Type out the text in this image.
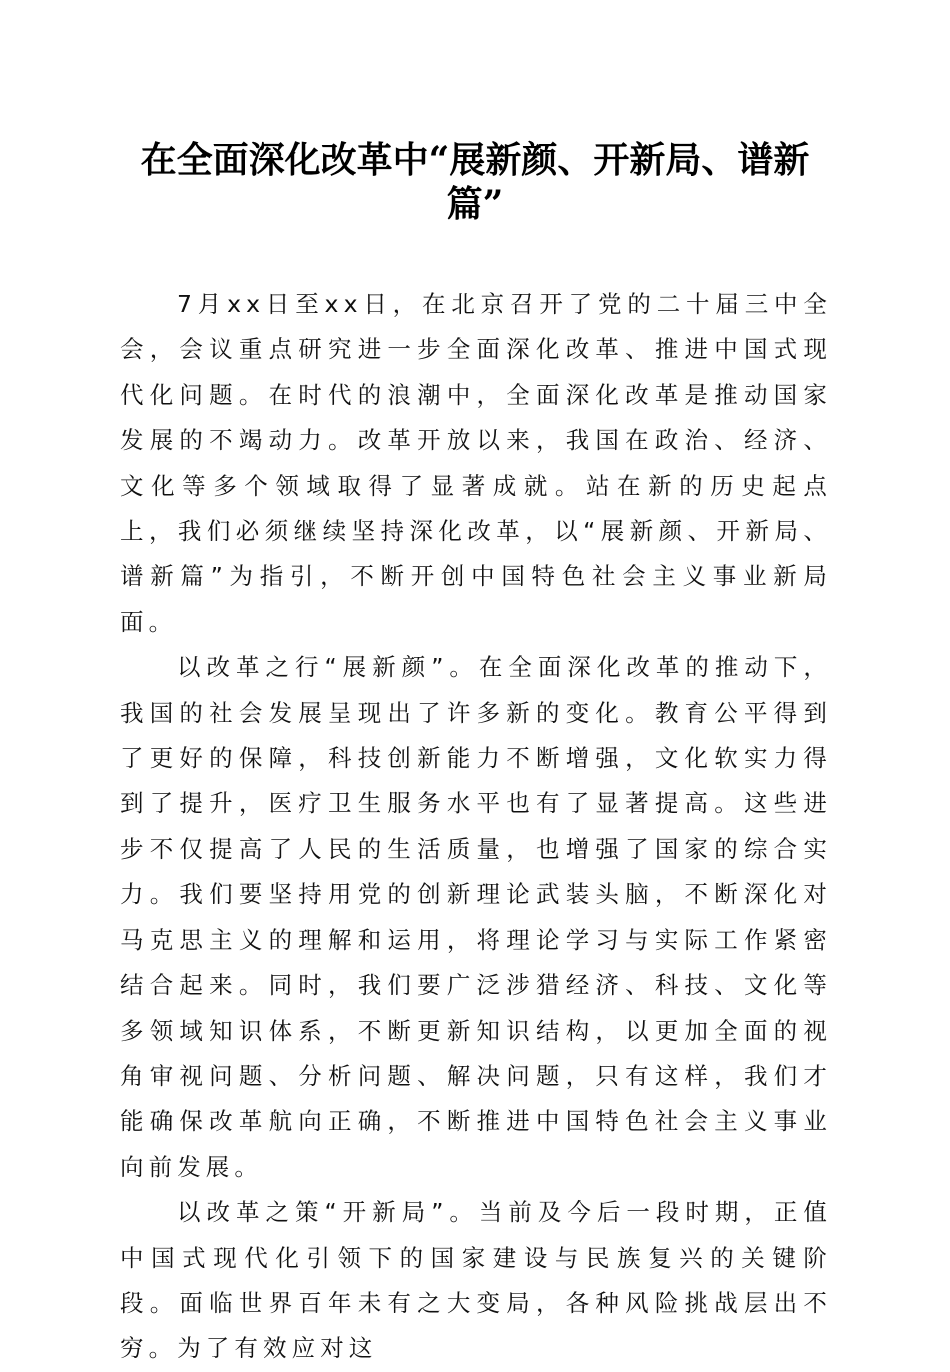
在全面深化改革中“展新颜、开新局、谱新
篇”

7月xx日至xx日，在北京召开了党的二十届三中全会，会议重点研究进一步全面深化改革、推进中国式现代化问题。在时代的浪潮中，全面深化改革是推动国家发展的不竭动力。改革开放以来，我国在政治、经济、文化等多个领域取得了显著成就。站在新的历史起点上，我们必须继续坚持深化改革，以“展新颜、开新局、谱新篇”为指引，不断开创中国特色社会主义事业新局面。

以改革之行“展新颜”。在全面深化改革的推动下，我国的社会发展呈现出了许多新的变化。教育公平得到了更好的保障，科技创新能力不断增强，文化软实力得到了提升，医疗卫生服务水平也有了显著提高。这些进步不仅提高了人民的生活质量，也增强了国家的综合实力。我们要坚持用党的创新理论武装头脑，不断深化对马克思主义的理解和运用，将理论学习与实际工作紧密结合起来。同时，我们要广泛涉猎经济、科技、文化等多领域知识体系，不断更新知识结构，以更加全面的视角审视问题、分析问题、解决问题，只有这样，我们才能确保改革航向正确，不断推进中国特色社会主义事业向前发展。

以改革之策“开新局”。当前及今后一段时期，正值中国式现代化引领下的国家建设与民族复兴的关键阶段。面临世界百年未有之大变局，各种风险挑战层出不穷。为了有效应对这
